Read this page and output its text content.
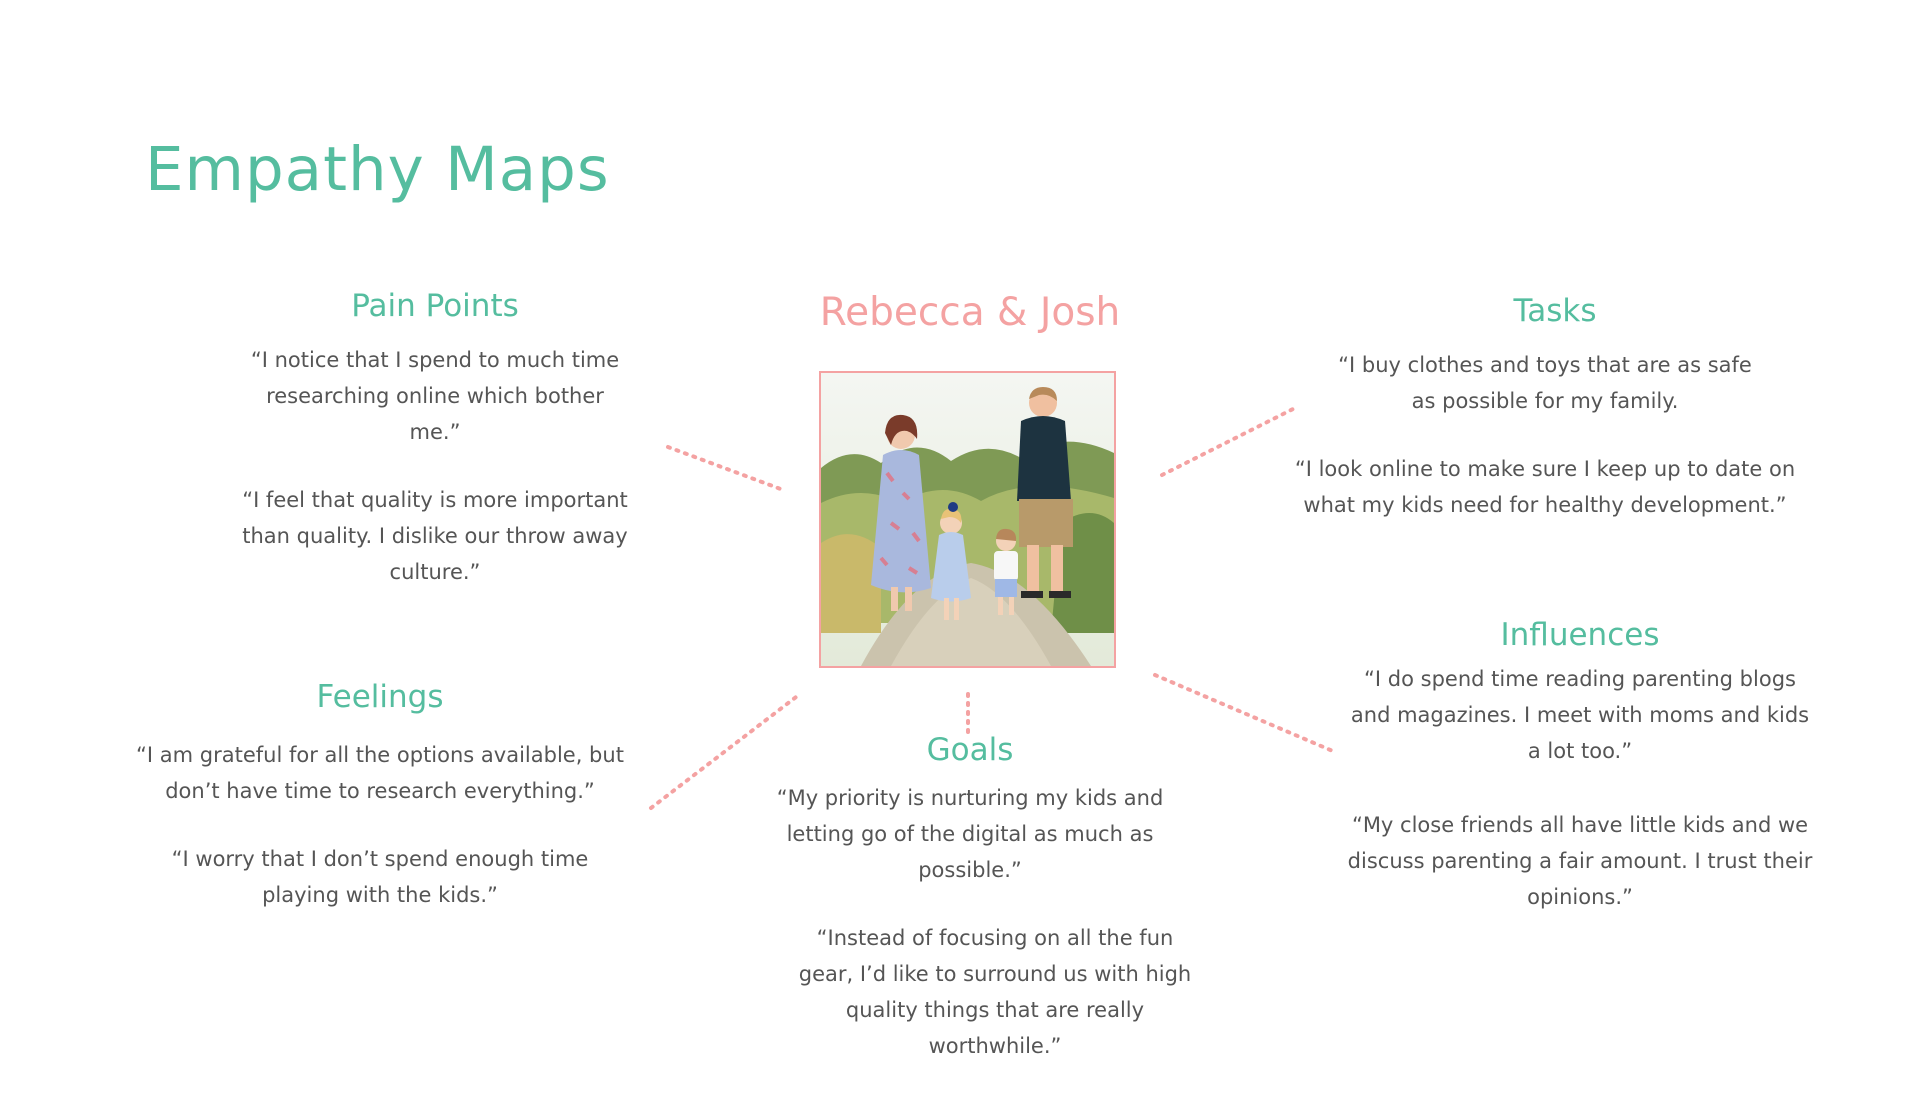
Empathy Maps
Pain Points

“I notice that I spend to much time researching online which bother me.”

“I feel that quality is more important than quality. I dislike our throw away culture.”

Rebecca & Josh	Tasks

“I buy clothes and toys that are as safe as possible for my family.

“I look online to make sure I keep up to date on what my kids need for healthy development.”

Feelings

“I am grateful for all the options available, but don’t have time to research everything.”

“I worry that I don’t spend enough time playing with the kids.”

Goals

“My priority is nurturing my kids and letting go of the digital as much as possible.”

“Instead of focusing on all the fun gear, I’d like to surround us with high quality things that are really worthwhile.”

Influences

“I do spend time reading parenting blogs and magazines. I meet with moms and kids a lot too.”

“My close friends all have little kids and we discuss parenting a fair amount. I trust their opinions.”
